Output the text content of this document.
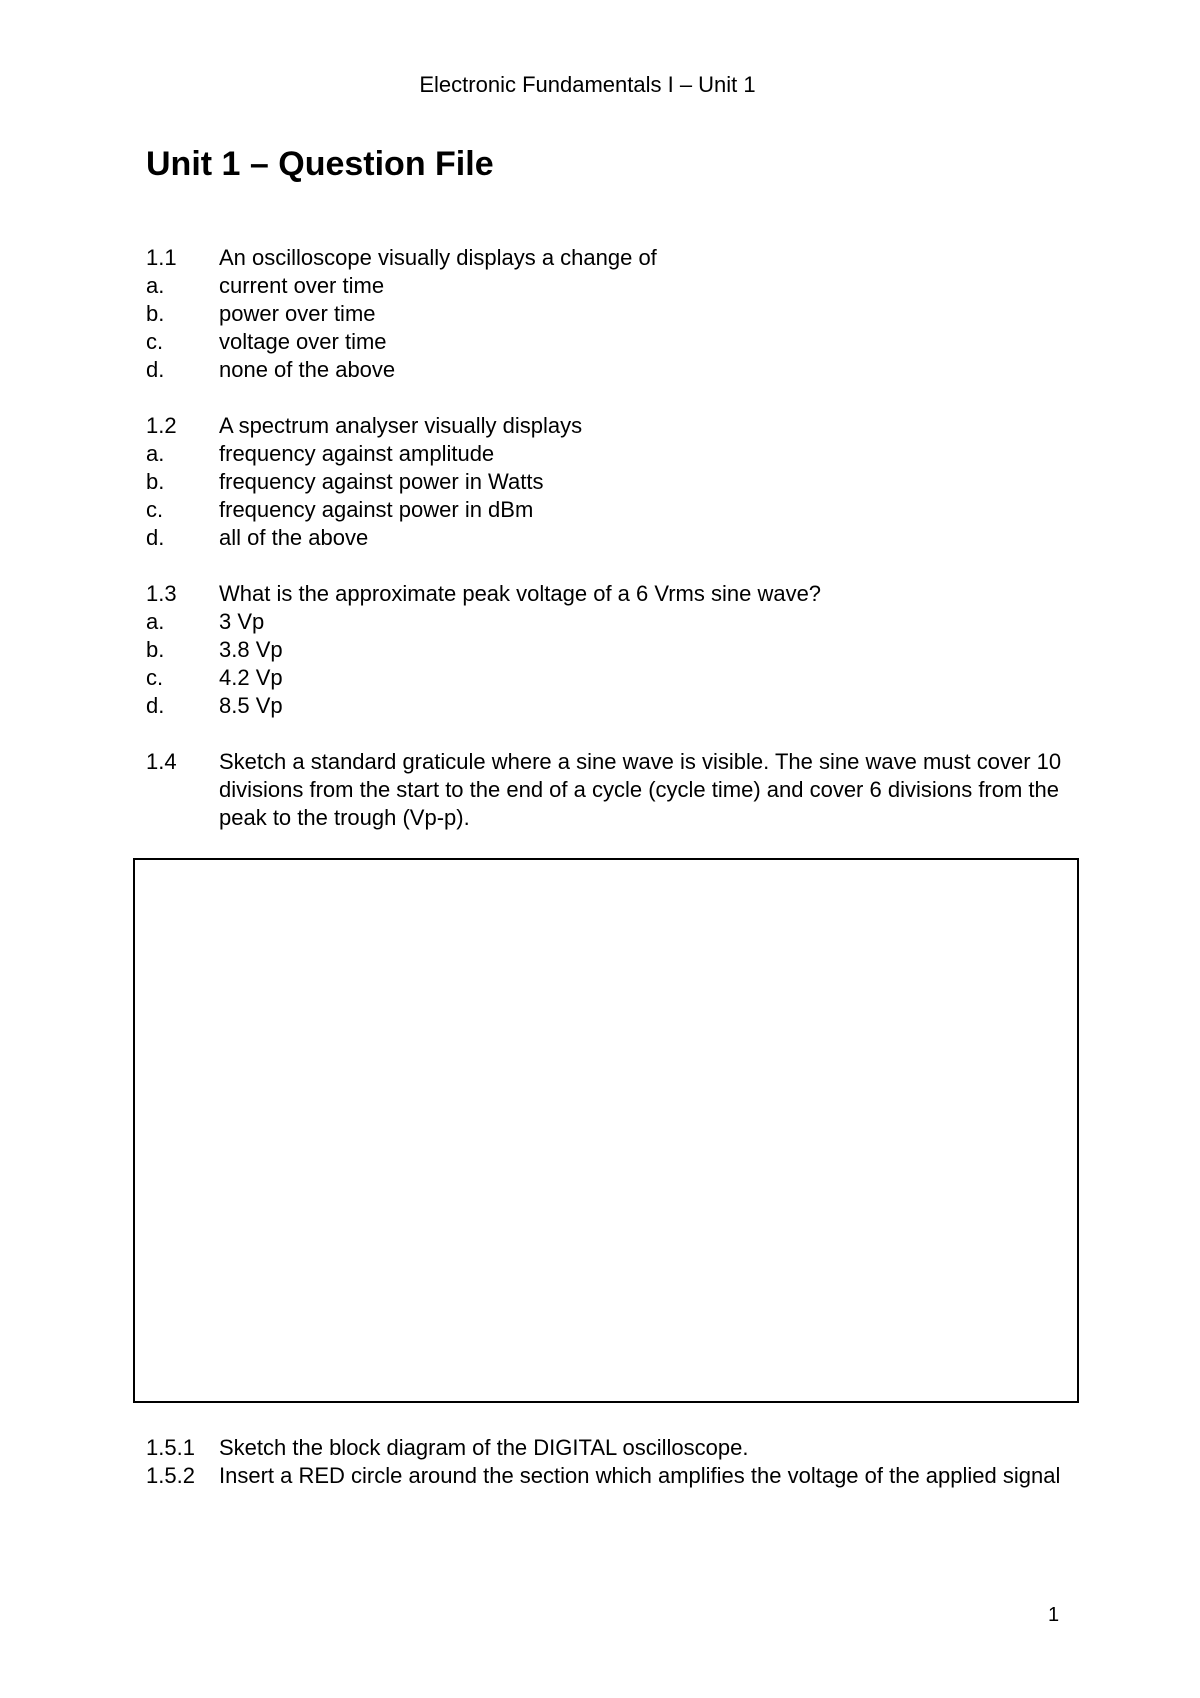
Electronic Fundamentals I – Unit 1
Unit 1 – Question File
1.1	An oscilloscope visually displays a change of
a.	current over time
b.	power over time
c.	voltage over time
d.	none of the above
1.2	A spectrum analyser visually displays
a.	frequency against amplitude
b.	frequency against power in Watts
c.	frequency against power in dBm
d.	all of the above
1.3	What is the approximate peak voltage of a 6 Vrms sine wave?
a.	3 Vp
b.	3.8 Vp
c.	4.2 Vp
d.	8.5 Vp
1.4	Sketch a standard graticule where a sine wave is visible. The sine wave must cover 10 divisions from the start to the end of a cycle (cycle time) and cover 6 divisions from the peak to the trough (Vp-p).
1.5.1	Sketch the block diagram of the DIGITAL oscilloscope.
1.5.2	Insert a RED circle around the section which amplifies the voltage of the applied signal
1
